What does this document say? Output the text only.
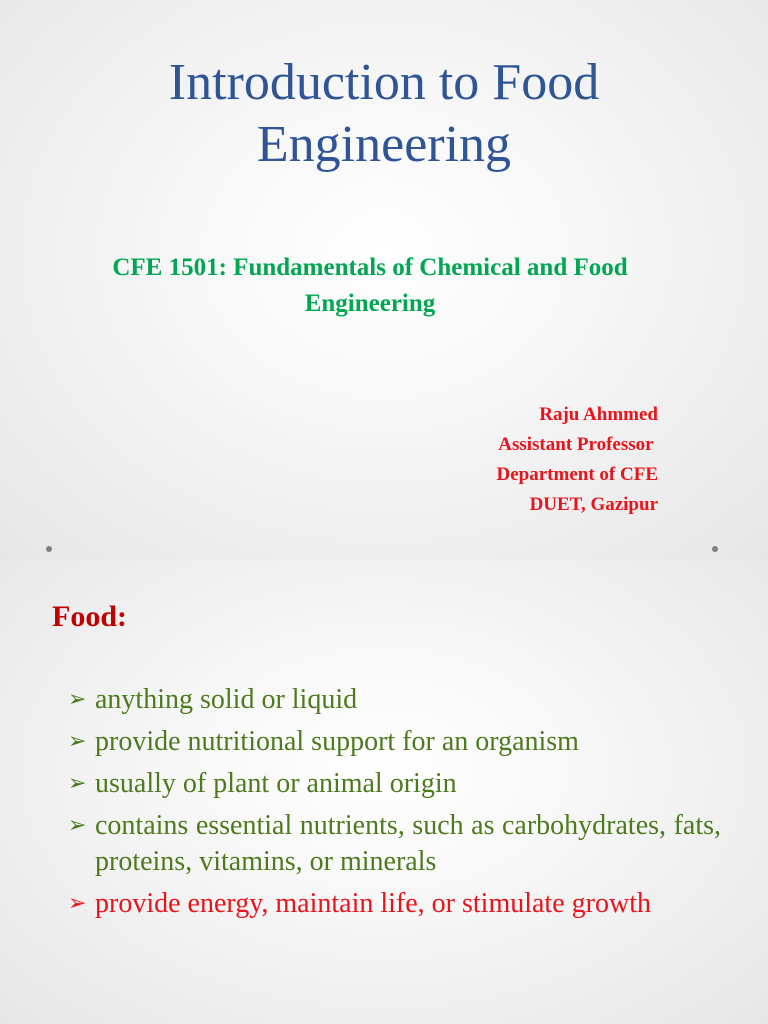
Introduction to Food
Engineering
CFE 1501: Fundamentals of Chemical and Food
Engineering
Raju Ahmmed
Assistant Professor
Department of CFE
DUET, Gazipur
Food:
➢ anything solid or liquid
➢ provide nutritional support for an organism
➢ usually of plant or animal origin
➢ contains essential nutrients, such as carbohydrates, fats, proteins, vitamins, or minerals
➢ provide energy, maintain life, or stimulate growth
